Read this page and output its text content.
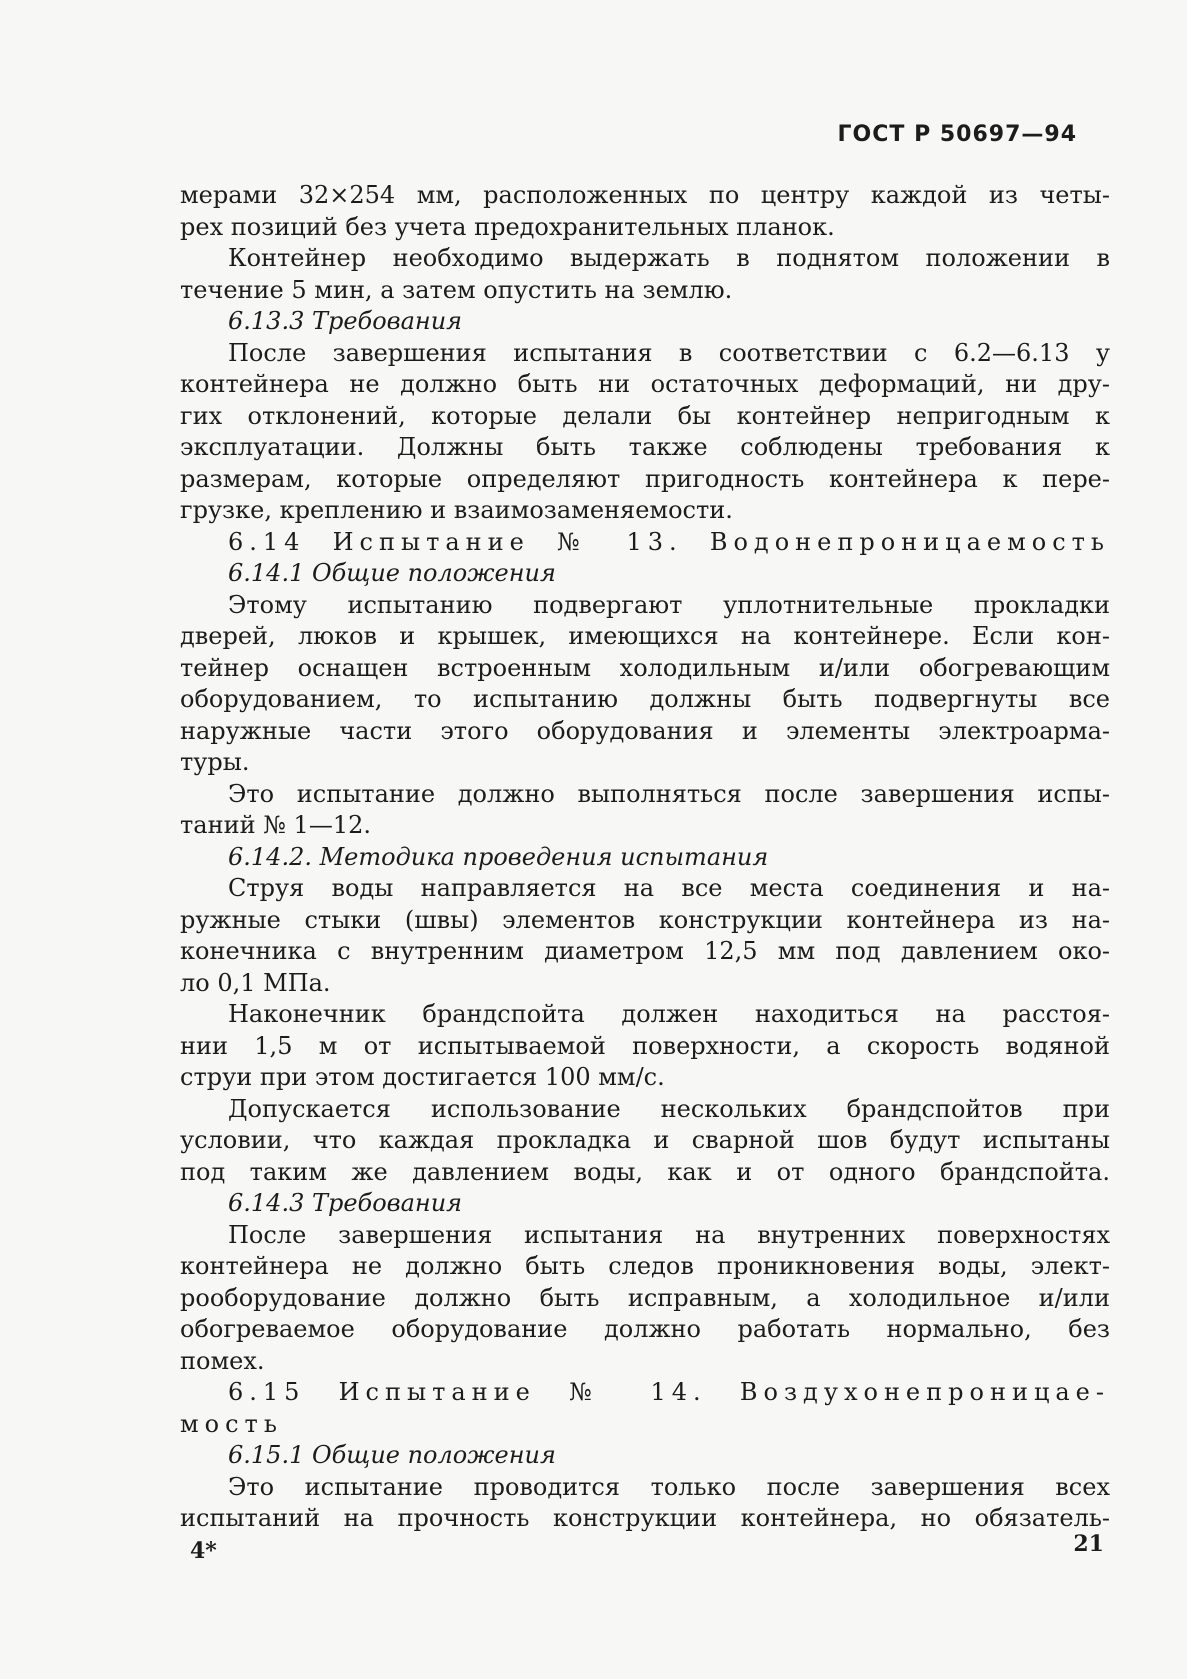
ГОСТ Р 50697—94
мерами 32×254 мм, расположенных по центру каждой из четы-
рех позиций без учета предохранительных планок.
Контейнер необходимо выдержать в поднятом положении в
течение 5 мин, а затем опустить на землю.
6.13.3 Требования
После завершения испытания в соответствии с 6.2—6.13 у
контейнера не должно быть ни остаточных деформаций, ни дру-
гих отклонений, которые делали бы контейнер непригодным к
эксплуатации. Должны быть также соблюдены требования к
размерам, которые определяют пригодность контейнера к пере-
грузке, креплению и взаимозаменяемости.
6.14 Испытание № 13. Водонепроницаемость
6.14.1 Общие положения
Этому испытанию подвергают уплотнительные прокладки
дверей, люков и крышек, имеющихся на контейнере. Если кон-
тейнер оснащен встроенным холодильным и/или обогревающим
оборудованием, то испытанию должны быть подвергнуты все
наружные части этого оборудования и элементы электроарма-
туры.
Это испытание должно выполняться после завершения испы-
таний № 1—12.
6.14.2. Методика проведения испытания
Струя воды направляется на все места соединения и на-
ружные стыки (швы) элементов конструкции контейнера из на-
конечника с внутренним диаметром 12,5 мм под давлением око-
ло 0,1 МПа.
Наконечник брандспойта должен находиться на расстоя-
нии 1,5 м от испытываемой поверхности, а скорость водяной
струи при этом достигается 100 мм/с.
Допускается использование нескольких брандспойтов при
условии, что каждая прокладка и сварной шов будут испытаны
под таким же давлением воды, как и от одного брандспойта.
6.14.3 Требования
После завершения испытания на внутренних поверхностях
контейнера не должно быть следов проникновения воды, элект-
рооборудование должно быть исправным, а холодильное и/или
обогреваемое оборудование должно работать нормально, без
помех.
6.15 Испытание № 14. Воздухонепроницае-
мость
6.15.1 Общие положения
Это испытание проводится только после завершения всех
испытаний на прочность конструкции контейнера, но обязатель-
21
4*
